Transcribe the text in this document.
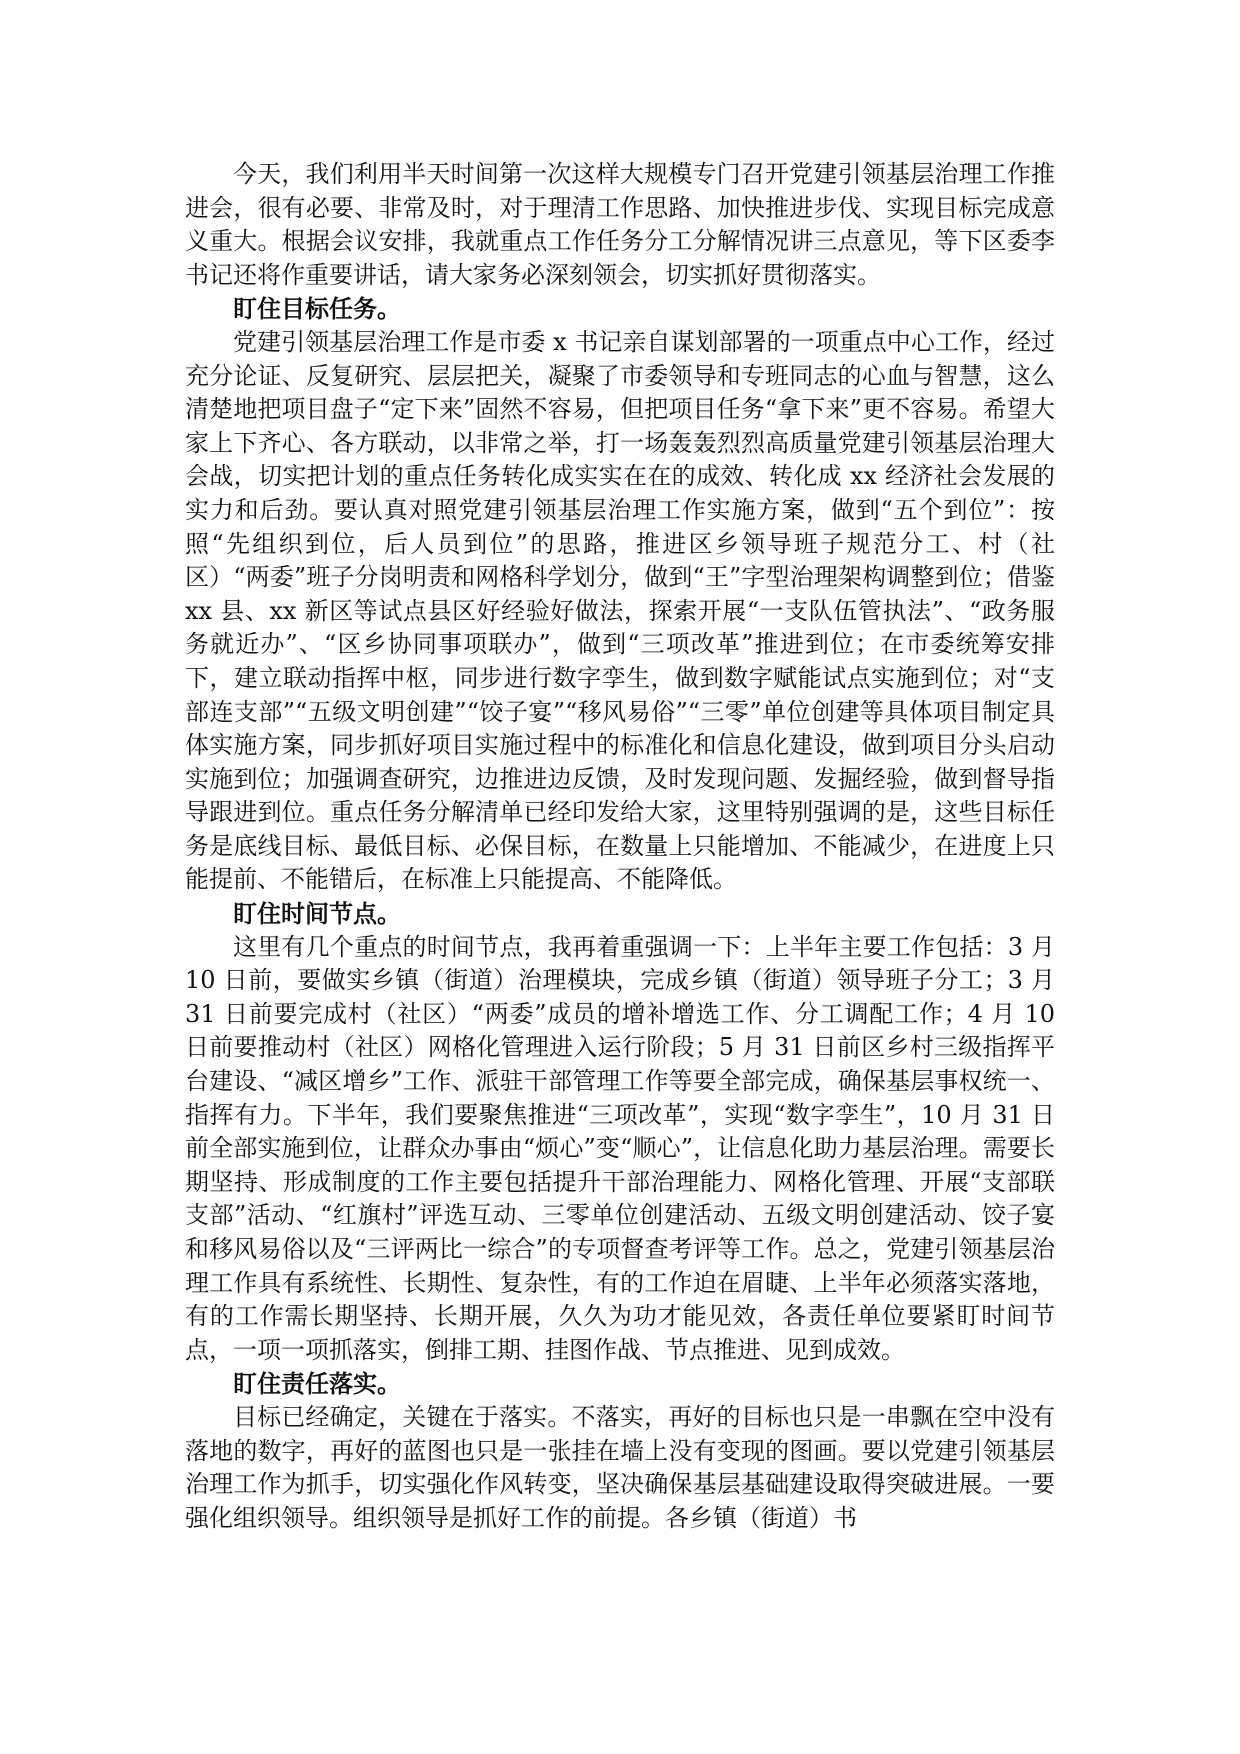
今天，我们利用半天时间第一次这样大规模专门召开党建引领基层治理工作推进会，很有必要、非常及时，对于理清工作思路、加快推进步伐、实现目标完成意义重大。根据会议安排，我就重点工作任务分工分解情况讲三点意见，等下区委李书记还将作重要讲话，请大家务必深刻领会，切实抓好贯彻落实。

盯住目标任务。

党建引领基层治理工作是市委 x 书记亲自谋划部署的一项重点中心工作，经过充分论证、反复研究、层层把关，凝聚了市委领导和专班同志的心血与智慧，这么清楚地把项目盘子“定下来”固然不容易，但把项目任务“拿下来”更不容易。希望大家上下齐心、各方联动，以非常之举，打一场轰轰烈烈高质量党建引领基层治理大会战，切实把计划的重点任务转化成实实在在的成效、转化成 xx 经济社会发展的实力和后劲。要认真对照党建引领基层治理工作实施方案，做到“五个到位”：按照“先组织到位，后人员到位”的思路，推进区乡领导班子规范分工、村（社区）“两委”班子分岗明责和网格科学划分，做到“王”字型治理架构调整到位；借鉴 xx 县、xx 新区等试点县区好经验好做法，探索开展“一支队伍管执法”、“政务服务就近办”、“区乡协同事项联办”，做到“三项改革”推进到位；在市委统筹安排下，建立联动指挥中枢，同步进行数字孪生，做到数字赋能试点实施到位；对“支部连支部”“五级文明创建”“饺子宴”“移风易俗”“三零”单位创建等具体项目制定具体实施方案，同步抓好项目实施过程中的标准化和信息化建设，做到项目分头启动实施到位；加强调查研究，边推进边反馈，及时发现问题、发掘经验，做到督导指导跟进到位。重点任务分解清单已经印发给大家，这里特别强调的是，这些目标任务是底线目标、最低目标、必保目标，在数量上只能增加、不能减少，在进度上只能提前、不能错后，在标准上只能提高、不能降低。

盯住时间节点。

这里有几个重点的时间节点，我再着重强调一下：上半年主要工作包括：3 月 10 日前，要做实乡镇（街道）治理模块，完成乡镇（街道）领导班子分工；3 月 31 日前要完成村（社区）“两委”成员的增补增选工作、分工调配工作；4 月 10 日前要推动村（社区）网格化管理进入运行阶段；5 月 31 日前区乡村三级指挥平台建设、“减区增乡”工作、派驻干部管理工作等要全部完成，确保基层事权统一、指挥有力。下半年，我们要聚焦推进“三项改革”，实现“数字孪生”，10 月 31 日前全部实施到位，让群众办事由“烦心”变“顺心”，让信息化助力基层治理。需要长期坚持、形成制度的工作主要包括提升干部治理能力、网格化管理、开展“支部联支部”活动、“红旗村”评选互动、三零单位创建活动、五级文明创建活动、饺子宴和移风易俗以及“三评两比一综合”的专项督查考评等工作。总之，党建引领基层治理工作具有系统性、长期性、复杂性，有的工作迫在眉睫、上半年必须落实落地，有的工作需长期坚持、长期开展，久久为功才能见效，各责任单位要紧盯时间节点，一项一项抓落实，倒排工期、挂图作战、节点推进、见到成效。

盯住责任落实。

目标已经确定，关键在于落实。不落实，再好的目标也只是一串飘在空中没有落地的数字，再好的蓝图也只是一张挂在墙上没有变现的图画。要以党建引领基层治理工作为抓手，切实强化作风转变，坚决确保基层基础建设取得突破进展。一要强化组织领导。组织领导是抓好工作的前提。各乡镇（街道）书
